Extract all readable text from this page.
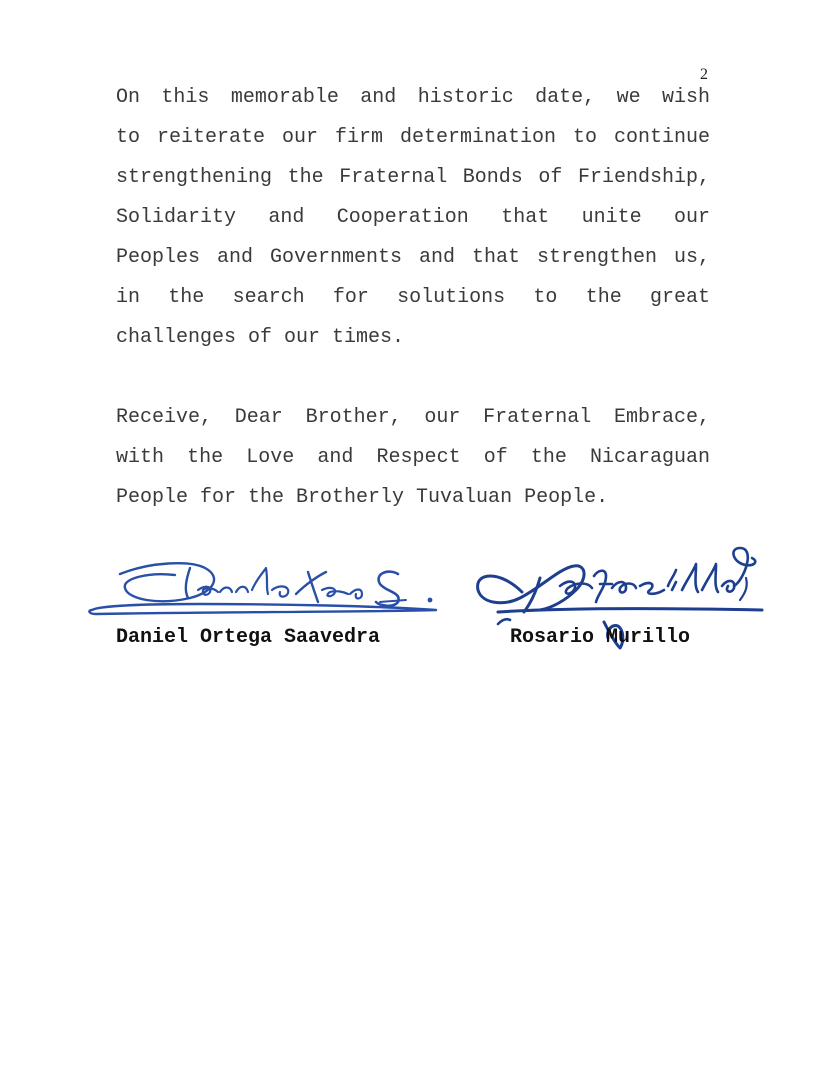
2
On this memorable and historic date, we wish
to reiterate our firm determination to continue
strengthening the Fraternal Bonds of Friendship,
Solidarity and Cooperation that unite our
Peoples and Governments and that strengthen us,
in the search for solutions to the great
challenges of our times.
Receive, Dear Brother, our Fraternal Embrace,
with the Love and Respect of the Nicaraguan
People for the Brotherly Tuvaluan People.
Daniel Ortega Saavedra	Rosario Murillo
